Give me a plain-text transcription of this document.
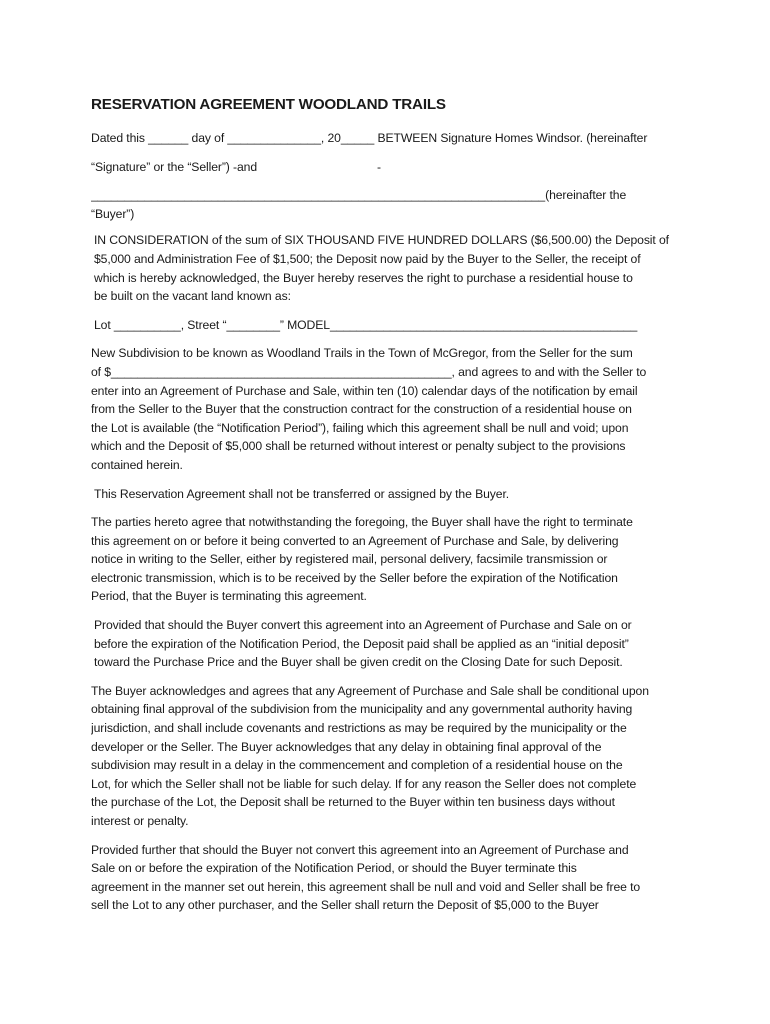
RESERVATION AGREEMENT WOODLAND TRAILS
Dated this ______ day of ______________, 20_____ BETWEEN Signature Homes Windsor. (hereinafter
“Signature” or the “Seller”) -and	-
____________________________________________________________________(hereinafter the
“Buyer”)
IN CONSIDERATION of the sum of SIX THOUSAND FIVE HUNDRED DOLLARS ($6,500.00) the Deposit of
$5,000 and Administration Fee of $1,500; the Deposit now paid by the Buyer to the Seller, the receipt of
which is hereby acknowledged, the Buyer hereby reserves the right to purchase a residential house to
be built on the vacant land known as:
Lot __________, Street “________” MODEL______________________________________________
New Subdivision to be known as Woodland Trails in the Town of McGregor, from the Seller for the sum
of $___________________________________________________, and agrees to and with the Seller to
enter into an Agreement of Purchase and Sale, within ten (10) calendar days of the notification by email
from the Seller to the Buyer that the construction contract for the construction of a residential house on
the Lot is available (the “Notification Period”), failing which this agreement shall be null and void; upon
which and the Deposit of $5,000 shall be returned without interest or penalty subject to the provisions
contained herein.
This Reservation Agreement shall not be transferred or assigned by the Buyer.
The parties hereto agree that notwithstanding the foregoing, the Buyer shall have the right to terminate
this agreement on or before it being converted to an Agreement of Purchase and Sale, by delivering
notice in writing to the Seller, either by registered mail, personal delivery, facsimile transmission or
electronic transmission, which is to be received by the Seller before the expiration of the Notification
Period, that the Buyer is terminating this agreement.
Provided that should the Buyer convert this agreement into an Agreement of Purchase and Sale on or
before the expiration of the Notification Period, the Deposit paid shall be applied as an “initial deposit”
toward the Purchase Price and the Buyer shall be given credit on the Closing Date for such Deposit.
The Buyer acknowledges and agrees that any Agreement of Purchase and Sale shall be conditional upon
obtaining final approval of the subdivision from the municipality and any governmental authority having
jurisdiction, and shall include covenants and restrictions as may be required by the municipality or the
developer or the Seller. The Buyer acknowledges that any delay in obtaining final approval of the
subdivision may result in a delay in the commencement and completion of a residential house on the
Lot, for which the Seller shall not be liable for such delay. If for any reason the Seller does not complete
the purchase of the Lot, the Deposit shall be returned to the Buyer within ten business days without
interest or penalty.
Provided further that should the Buyer not convert this agreement into an Agreement of Purchase and
Sale on or before the expiration of the Notification Period, or should the Buyer terminate this
agreement in the manner set out herein, this agreement shall be null and void and Seller shall be free to
sell the Lot to any other purchaser, and the Seller shall return the Deposit of $5,000 to the Buyer
